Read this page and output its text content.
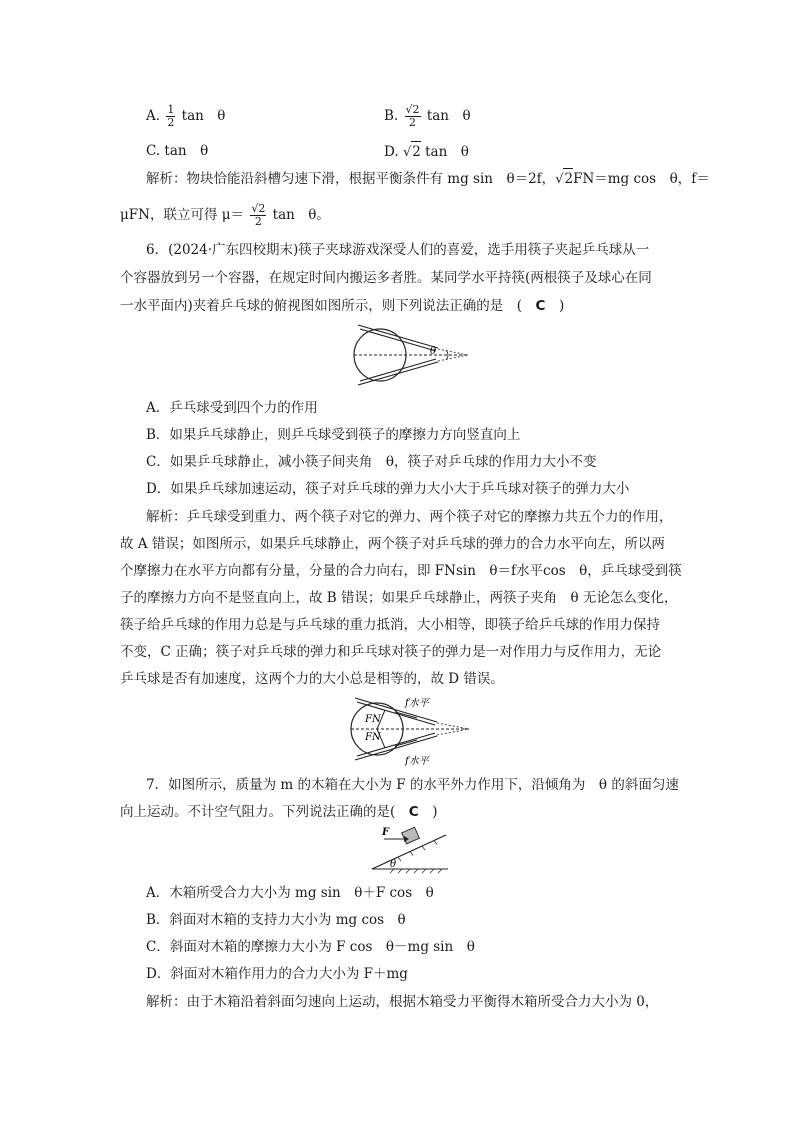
A. $\frac{1}{2}$ tan　θ	B. $\frac{√2}{2}$ tan　θ
C. tan　θ	D. √2 tan　θ
解析：物块恰能沿斜槽匀速下滑，根据平衡条件有 mg sin　θ＝2f，√2FN＝mg cos　θ，f＝
μFN，联立可得 $\mu= \frac{√2}{2}$ tan　θ。
6．(2024·广东四校期末)筷子夹球游戏深受人们的喜爱，选手用筷子夹起乒乓球从一
个容器放到另一个容器，在规定时间内搬运多者胜。某同学水平持筷(两根筷子及球心在同
一水平面内)夹着乒乓球的俯视图如图所示，则下列说法正确的是　(　C　)
θ
A．乒乓球受到四个力的作用
B．如果乒乓球静止，则乒乓球受到筷子的摩擦力方向竖直向上
C．如果乒乓球静止，减小筷子间夹角　θ，筷子对乒乓球的作用力大小不变
D．如果乒乓球加速运动，筷子对乒乓球的弹力大小大于乒乓球对筷子的弹力大小
解析：乒乓球受到重力、两个筷子对它的弹力、两个筷子对它的摩擦力共五个力的作用，
故 A 错误；如图所示，如果乒乓球静止，两个筷子对乒乓球的弹力的合力水平向左，所以两
个摩擦力在水平方向都有分量，分量的合力向右，即 FNsin　θ＝f水平cos　θ，乒乓球受到筷
子的摩擦力方向不是竖直向上，故 B 错误；如果乒乓球静止，两筷子夹角　θ 无论怎么变化，
筷子给乒乓球的作用力总是与乒乓球的重力抵消，大小相等，即筷子给乒乓球的作用力保持
不变，C 正确；筷子对乒乓球的弹力和乒乓球对筷子的弹力是一对作用力与反作用力，无论
乒乓球是否有加速度，这两个力的大小总是相等的，故 D 错误。
f水平
f水平
FN
FN
7．如图所示，质量为 m 的木箱在大小为 F 的水平外力作用下，沿倾角为　θ 的斜面匀速
向上运动。不计空气阻力。下列说法正确的是(　C　)
F
θ
A．木箱所受合力大小为 mg sin　θ＋F cos　θ
B．斜面对木箱的支持力大小为 mg cos　θ
C．斜面对木箱的摩擦力大小为 F cos　θ－mg sin　θ
D．斜面对木箱作用力的合力大小为 F＋mg
解析：由于木箱沿着斜面匀速向上运动，根据木箱受力平衡得木箱所受合力大小为 0，
